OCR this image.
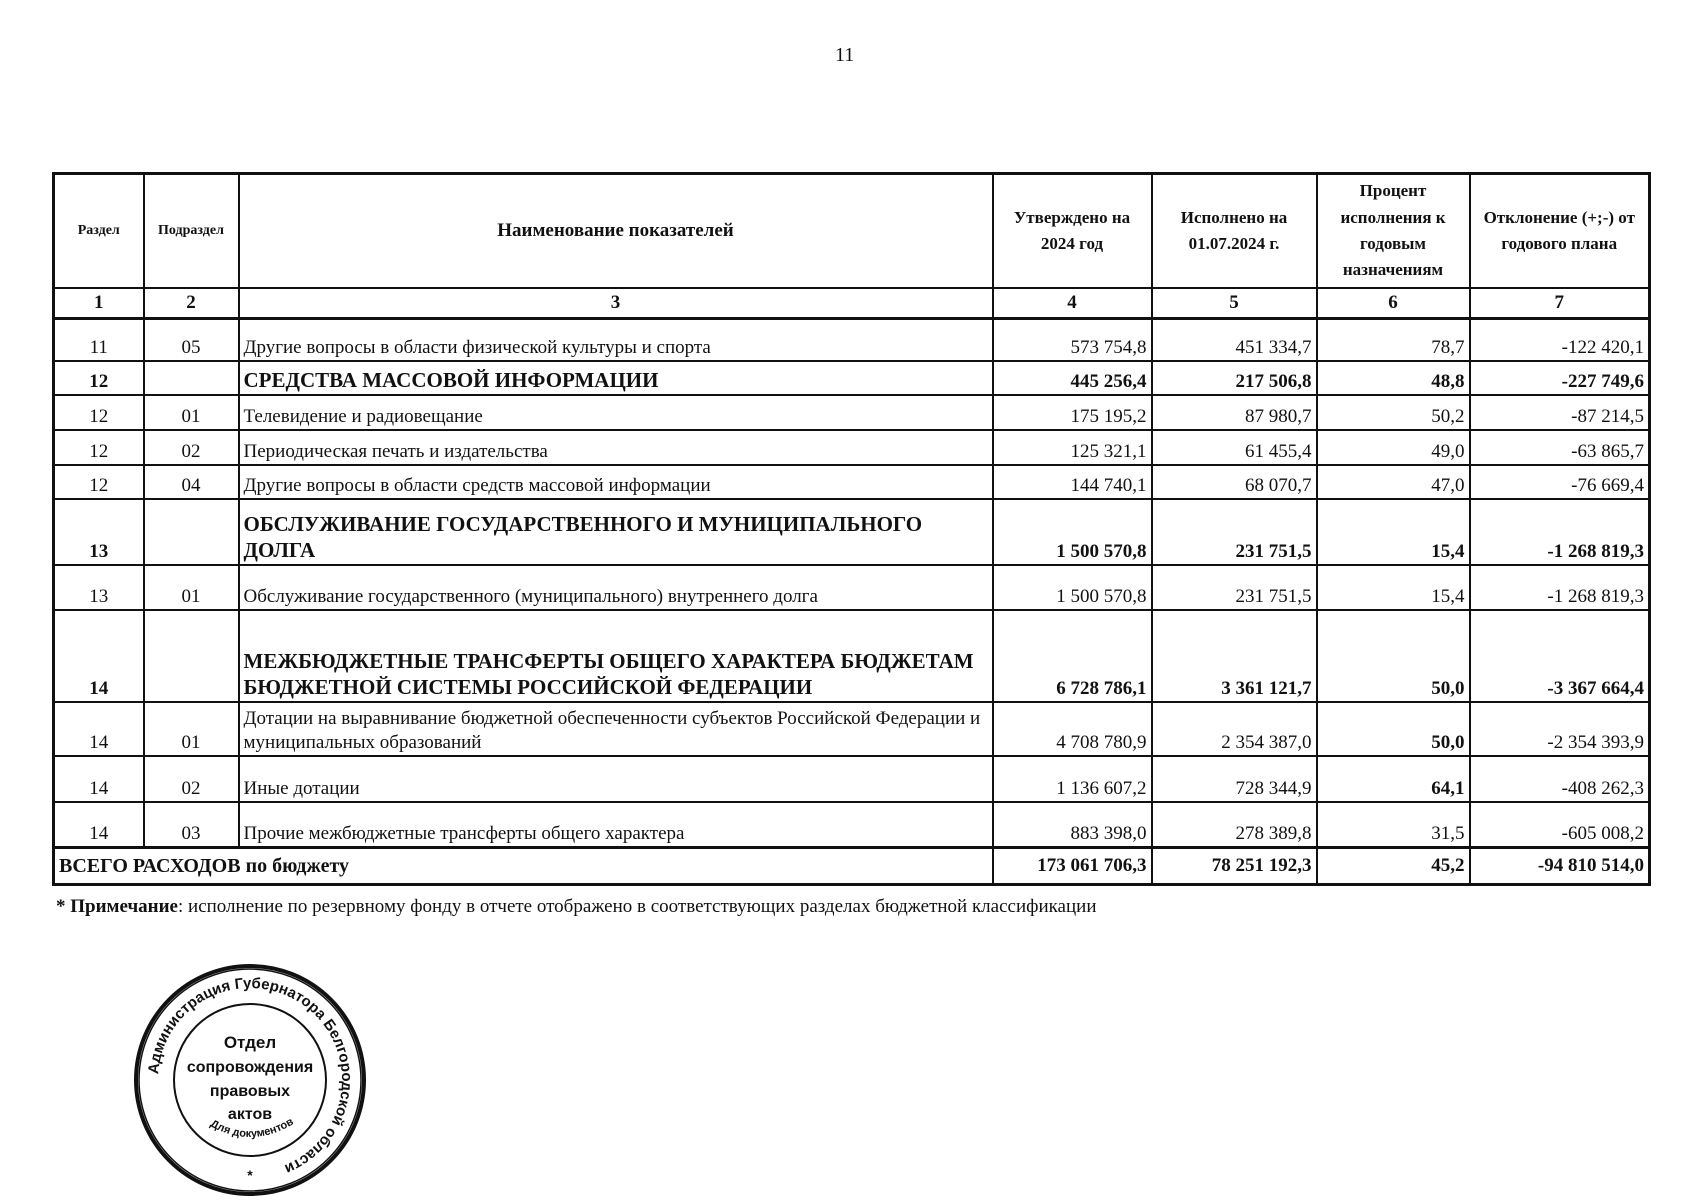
11
Раздел	Подраздел	Наименование показателей	Утверждено на 2024 год	Исполнено на 01.07.2024 г.	Процент исполнения к годовым назначениям	Отклонение (+;-) от годового плана
1	2	3	4	5	6	7
11	05	Другие вопросы в области физической культуры и спорта	573 754,8	451 334,7	78,7	-122 420,1
12		СРЕДСТВА МАССОВОЙ ИНФОРМАЦИИ	445 256,4	217 506,8	48,8	-227 749,6
12	01	Телевидение и радиовещание	175 195,2	87 980,7	50,2	-87 214,5
12	02	Периодическая печать и издательства	125 321,1	61 455,4	49,0	-63 865,7
12	04	Другие вопросы в области средств массовой информации	144 740,1	68 070,7	47,0	-76 669,4
13		ОБСЛУЖИВАНИЕ ГОСУДАРСТВЕННОГО И МУНИЦИПАЛЬНОГО ДОЛГА	1 500 570,8	231 751,5	15,4	-1 268 819,3
13	01	Обслуживание государственного (муниципального) внутреннего долга	1 500 570,8	231 751,5	15,4	-1 268 819,3
14		МЕЖБЮДЖЕТНЫЕ ТРАНСФЕРТЫ ОБЩЕГО ХАРАКТЕРА БЮДЖЕТАМ БЮДЖЕТНОЙ СИСТЕМЫ РОССИЙСКОЙ ФЕДЕРАЦИИ	6 728 786,1	3 361 121,7	50,0	-3 367 664,4
14	01	Дотации на выравнивание бюджетной обеспеченности субъектов Российской Федерации и муниципальных образований	4 708 780,9	2 354 387,0	50,0	-2 354 393,9
14	02	Иные дотации	1 136 607,2	728 344,9	64,1	-408 262,3
14	03	Прочие межбюджетные трансферты общего характера	883 398,0	278 389,8	31,5	-605 008,2
ВСЕГО РАСХОДОВ по бюджету			173 061 706,3	78 251 192,3	45,2	-94 810 514,0
* Примечание: исполнение по резервному фонду в отчете отображено в соответствующих разделах бюджетной классификации
Администрация Губернатора Белгородской области
Отдел
сопровождения
правовых
актов
Для документов
*
